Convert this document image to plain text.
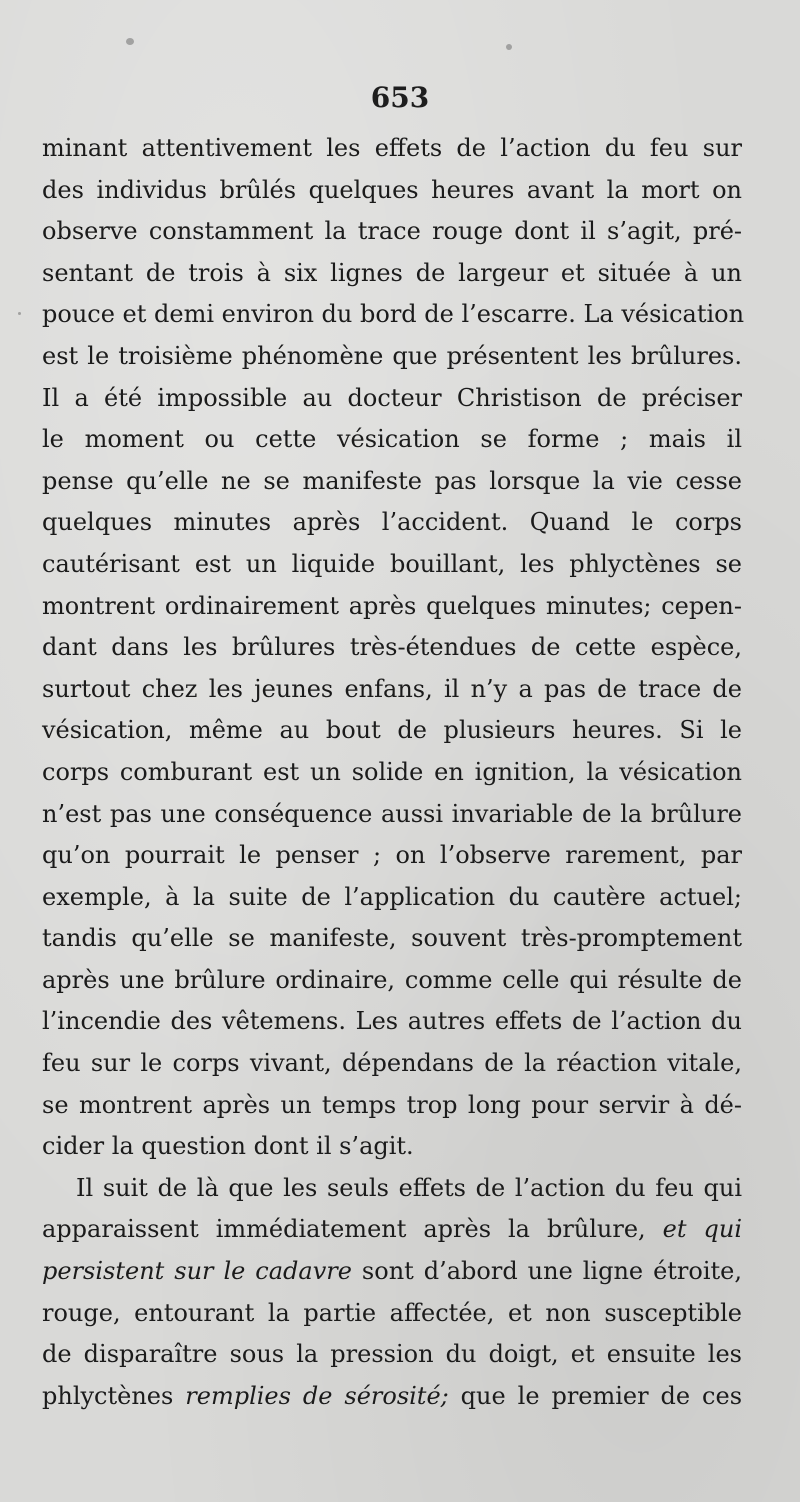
653
minant attentivement les effets de l’action du feu sur
des individus brûlés quelques heures avant la mort on
observe constamment la trace rouge dont il s’agit, pré-
sentant de trois à six lignes de largeur et située à un
pouce et demi environ du bord de l’escarre. La vésication
est le troisième phénomène que présentent les brûlures.
Il a été impossible au docteur Christison de préciser
le moment ou cette vésication se forme ; mais il
pense qu’elle ne se manifeste pas lorsque la vie cesse
quelques minutes après l’accident. Quand le corps
cautérisant est un liquide bouillant, les phlyctènes se
montrent ordinairement après quelques minutes; cepen-
dant dans les brûlures très-étendues de cette espèce,
surtout chez les jeunes enfans, il n’y a pas de trace de
vésication, même au bout de plusieurs heures. Si le
corps comburant est un solide en ignition, la vésication
n’est pas une conséquence aussi invariable de la brûlure
qu’on pourrait le penser ; on l’observe rarement, par
exemple, à la suite de l’application du cautère actuel;
tandis qu’elle se manifeste, souvent très-promptement
après une brûlure ordinaire, comme celle qui résulte de
l’incendie des vêtemens. Les autres effets de l’action du
feu sur le corps vivant, dépendans de la réaction vitale,
se montrent après un temps trop long pour servir à dé-
cider la question dont il s’agit.
Il suit de là que les seuls effets de l’action du feu qui
apparaissent immédiatement après la brûlure, et qui
persistent sur le cadavre sont d’abord une ligne étroite,
rouge, entourant la partie affectée, et non susceptible
de disparaître sous la pression du doigt, et ensuite les
phlyctènes remplies de sérosité; que le premier de ces
